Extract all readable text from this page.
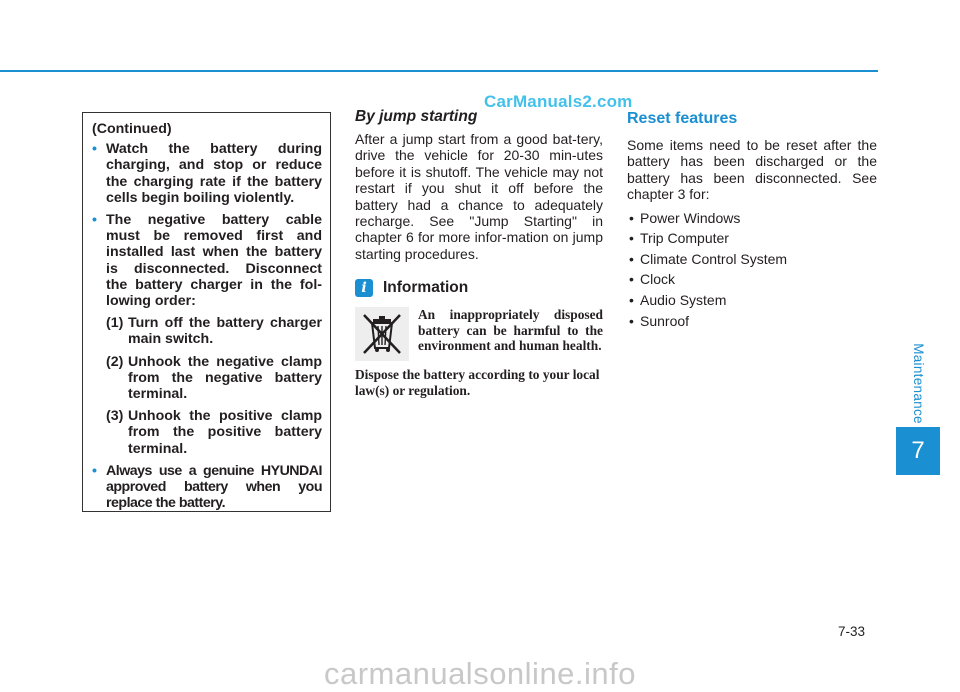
CarManuals2.com
(Continued)
• Watch the battery during charging, and stop or reduce the charging rate if the battery cells begin boiling violently.
• The negative battery cable must be removed first and installed last when the battery is disconnected. Disconnect the battery charger in the fol-lowing order:
(1) Turn off the battery charger main switch.
(2) Unhook the negative clamp from the negative battery terminal.
(3) Unhook the positive clamp from the positive battery terminal.
• Always use a genuine HYUNDAI approved battery when you replace the battery.
By jump starting

After a jump start from a good bat-tery, drive the vehicle for 20-30 min-utes before it is shutoff. The vehicle may not restart if you shut it off before the battery had a chance to adequately recharge. See "Jump Starting" in chapter 6 for more infor-mation on jump starting procedures.

i	Information

An inappropriately disposed battery can be harmful to the environment and human health.

Dispose the battery according to your local law(s) or regulation.

Reset features

Some items need to be reset after the battery has been discharged or the battery has been disconnected. See chapter 3 for:

• Power Windows
• Trip Computer
• Climate Control System
• Clock
• Audio System
• Sunroof
Maintenance
7
7-33
carmanualsonline.info
